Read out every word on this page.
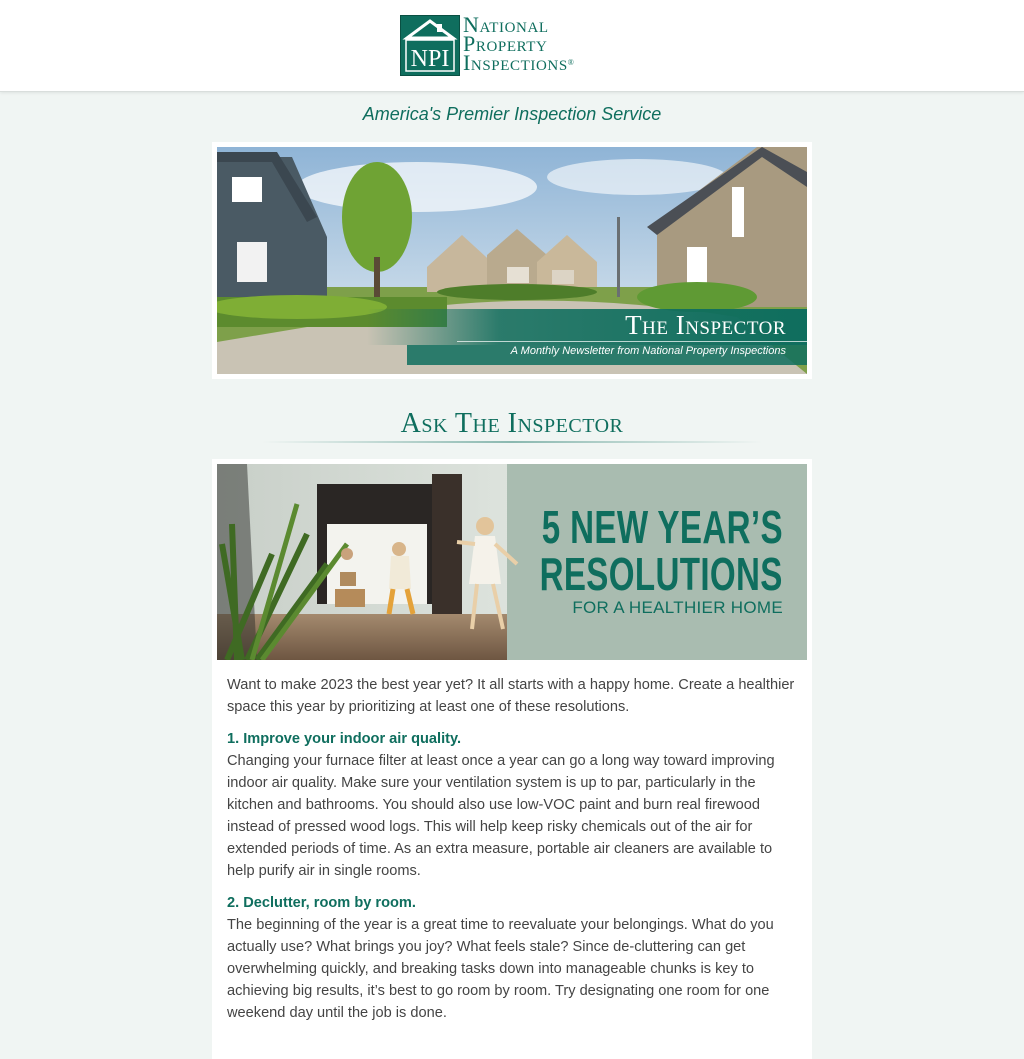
NPI
National
Property
Inspections®
America's Premier Inspection Service
The Inspector
A Monthly Newsletter from National Property Inspections
Ask The Inspector
5 NEW YEAR’S
RESOLUTIONS
FOR A HEALTHIER HOME

Want to make 2023 the best year yet? It all starts with a happy home. Create a healthier space this year by prioritizing at least one of these resolutions.

1. Improve your indoor air quality.
Changing your furnace filter at least once a year can go a long way toward improving indoor air quality. Make sure your ventilation system is up to par, particularly in the kitchen and bathrooms. You should also use low-VOC paint and burn real firewood instead of pressed wood logs. This will help keep risky chemicals out of the air for extended periods of time. As an extra measure, portable air cleaners are available to help purify air in single rooms.

2. Declutter, room by room.
The beginning of the year is a great time to reevaluate your belongings. What do you actually use? What brings you joy? What feels stale? Since de-cluttering can get overwhelming quickly, and breaking tasks down into manageable chunks is key to achieving big results, it’s best to go room by room. Try designating one room for one weekend day until the job is done.
